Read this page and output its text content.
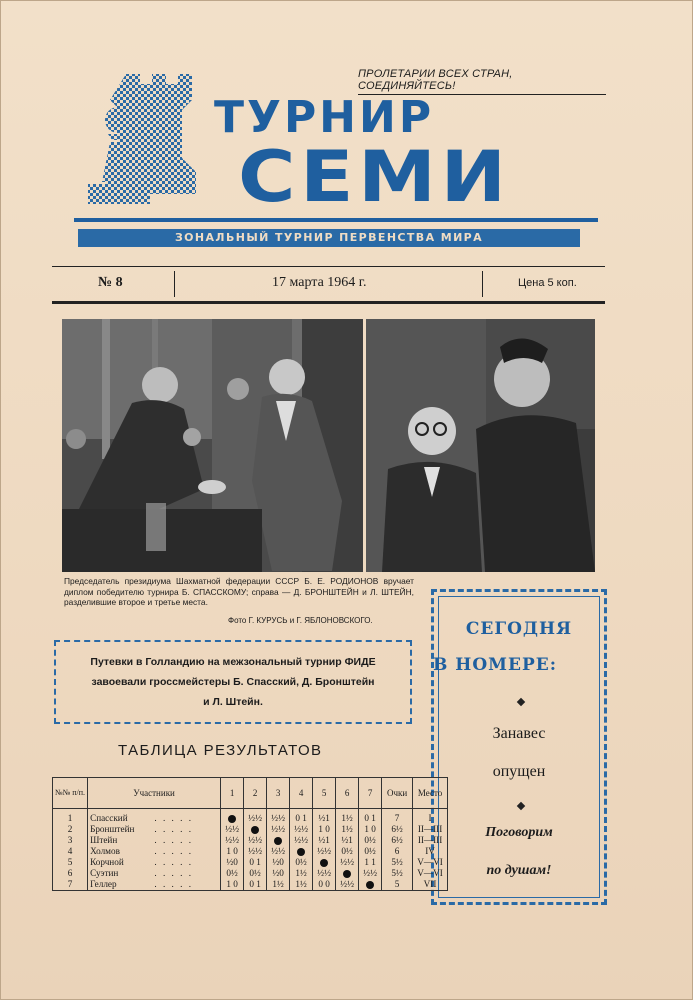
ПРОЛЕТАРИИ ВСЕХ СТРАН, СОЕДИНЯЙТЕСЬ!
ТУРНИР
СЕМИ
ЗОНАЛЬНЫЙ ТУРНИР ПЕРВЕНСТВА МИРА
№ 8	17 марта 1964 г.	Цена 5 коп.
Председатель президиума Шахматной федерации СССР Б. Е. РОДИОНОВ вручает диплом победителю турнира Б. СПАССКОМУ; справа — Д. БРОНШТЕЙН и Л. ШТЕЙН, разделившие второе и третье места.
Фото Г. КУРУСЬ и Г. ЯБЛОНОВСКОГО.
Путевки в Голландию на межзональный турнир ФИДЕ
завоевали гроссмейстеры Б. Спасский, Д. Бронштейн
и Л. Штейн.
СЕГОДНЯ
В НОМЕРЕ:
Занавес
опущен
Поговорим
по душам!
ТАБЛИЦА РЕЗУЛЬТАТОВ
№№ п/п.	Участники	1	2	3	4	5	6	7	Очки	Место
1	Спасский . . . . .		½½	½½	0 1	½1	1½	0 1	7	I
2	Бронштейн . . . . .	½½		½½	½½	1 0	1½	1 0	6½	II—III
3	Штейн . . . . .	½½	½½		½½	½1	½1	0½	6½	II—III
4	Холмов . . . . .	1 0	½½	½½		½½	0½	0½	6	IV
5	Корчной . . . . .	½0	0 1	½0	0½		½½	1 1	5½	V—VI
6	Суэтин . . . . .	0½	0½	½0	1½	½½		½½	5½	V—VI
7	Геллер . . . . .	1 0	0 1	1½	1½	0 0	½½		5	VII
